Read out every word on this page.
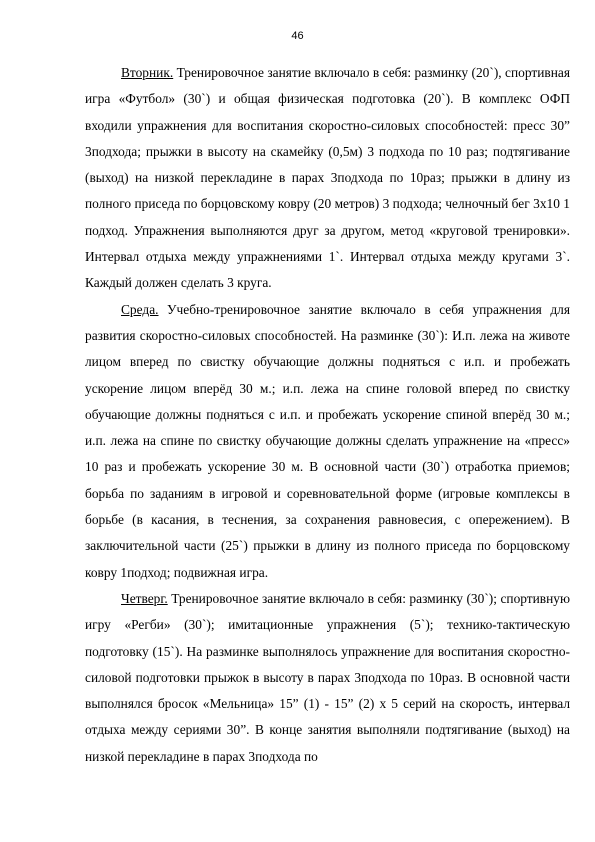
46

Вторник. Тренировочное занятие включало в себя: разминку (20`), спортивная игра «Футбол» (30`) и общая физическая подготовка (20`). В комплекс ОФП входили упражнения для воспитания скоростно-силовых способностей: пресс 30” 3подхода; прыжки в высоту на скамейку (0,5м) 3 подхода по 10 раз; подтягивание (выход) на низкой перекладине в парах 3подхода по 10раз; прыжки в длину из полного приседа по борцовскому ковру (20 метров) 3 подхода; челночный бег 3х10 1 подход. Упражнения выполняются друг за другом, метод «круговой тренировки». Интервал отдыха между упражнениями 1`. Интервал отдыха между кругами 3`. Каждый должен сделать 3 круга.

Среда. Учебно-тренировочное занятие включало в себя упражнения для развития скоростно-силовых способностей. На разминке (30`): И.п. лежа на животе лицом вперед по свистку обучающие должны подняться с и.п. и пробежать ускорение лицом вперёд 30 м.; и.п. лежа на спине головой вперед по свистку обучающие должны подняться с и.п. и пробежать ускорение спиной вперёд 30 м.; и.п. лежа на спине по свистку обучающие должны сделать упражнение на «пресс» 10 раз и пробежать ускорение 30 м. В основной части (30`) отработка приемов; борьба по заданиям в игровой и соревновательной форме (игровые комплексы в борьбе (в касания, в теснения, за сохранения равновесия, с опережением). В заключительной части (25`) прыжки в длину из полного приседа по борцовскому ковру 1подход; подвижная игра.

Четверг. Тренировочное занятие включало в себя: разминку (30`); спортивную игру «Регби» (30`); имитационные упражнения (5`); технико-тактическую подготовку (15`). На разминке выполнялось упражнение для воспитания скоростно-силовой подготовки прыжок в высоту в парах 3подхода по 10раз. В основной части выполнялся бросок «Мельница» 15” (1) - 15” (2) х 5 серий на скорость, интервал отдыха между сериями 30”. В конце занятия выполняли подтягивание (выход) на низкой перекладине в парах 3подхода по
